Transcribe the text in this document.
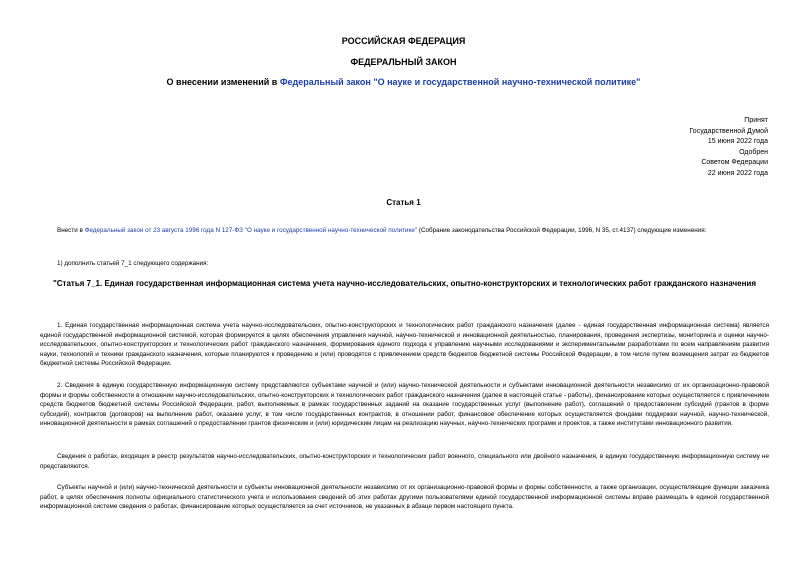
РОССИЙСКАЯ ФЕДЕРАЦИЯ
ФЕДЕРАЛЬНЫЙ ЗАКОН
О внесении изменений в Федеральный закон "О науке и государственной научно-технической политике"
Принят
Государственной Думой
15 июня 2022 года
Одобрен
Советом Федерации
22 июня 2022 года
Статья 1
Внести в Федеральный закон от 23 августа 1996 года N 127-ФЗ "О науке и государственной научно-технической политике" (Собрание законодательства Российской Федерации, 1996, N 35, ст.4137) следующие изменения:
1) дополнить статьей 7_1 следующего содержания:
"Статья 7_1. Единая государственная информационная система учета научно-исследовательских, опытно-конструкторских и технологических работ гражданского назначения
1. Единая государственная информационная система учета научно-исследовательских, опытно-конструкторских и технологических работ гражданского назначения (далее - единая государственная информационная система) является единой государственной информационной системой, которая формируется в целях обеспечения управления научной, научно-технической и инновационной деятельностью, планирования, проведения экспертизы, мониторинга и оценки научно-исследовательских, опытно-конструкторских и технологических работ гражданского назначения, формирования единого подхода к управлению научными исследованиями и экспериментальными разработками по всем направлениям развития науки, технологий и техники гражданского назначения, которые планируются к проведению и (или) проводятся с привлечением средств бюджетов бюджетной системы Российской Федерации, в том числе путем возмещения затрат из бюджетов бюджетной системы Российской Федерации.
2. Сведения в единую государственную информационную систему представляются субъектами научной и (или) научно-технической деятельности и субъектами инновационной деятельности независимо от их организационно-правовой формы и формы собственности в отношении научно-исследовательских, опытно-конструкторских и технологических работ гражданского назначения (далее в настоящей статье - работы), финансирование которых осуществляется с привлечением средств бюджетов бюджетной системы Российской Федерации, работ, выполняемых в рамках государственных заданий на оказание государственных услуг (выполнение работ), соглашений о предоставлении субсидий (грантов в форме субсидий), контрактов (договоров) на выполнение работ, оказание услуг, в том числе государственных контрактов, в отношении работ, финансовое обеспечение которых осуществляется фондами поддержки научной, научно-технической, инновационной деятельности в рамках соглашений о предоставлении грантов физическим и (или) юридическим лицам на реализацию научных, научно-технических программ и проектов, а также институтами инновационного развития.
Сведения о работах, входящих в реестр результатов научно-исследовательских, опытно-конструкторских и технологических работ военного, специального или двойного назначения, в единую государственную информационную систему не представляются.
Субъекты научной и (или) научно-технической деятельности и субъекты инновационной деятельности независимо от их организационно-правовой формы и формы собственности, а также организации, осуществляющие функции заказчика работ, в целях обеспечения полноты официального статистического учета и использования сведений об этих работах другими пользователями единой государственной информационной системы вправе размещать в единой государственной информационной системе сведения о работах, финансирование которых осуществляется за счет источников, не указанных в абзаце первом настоящего пункта.
